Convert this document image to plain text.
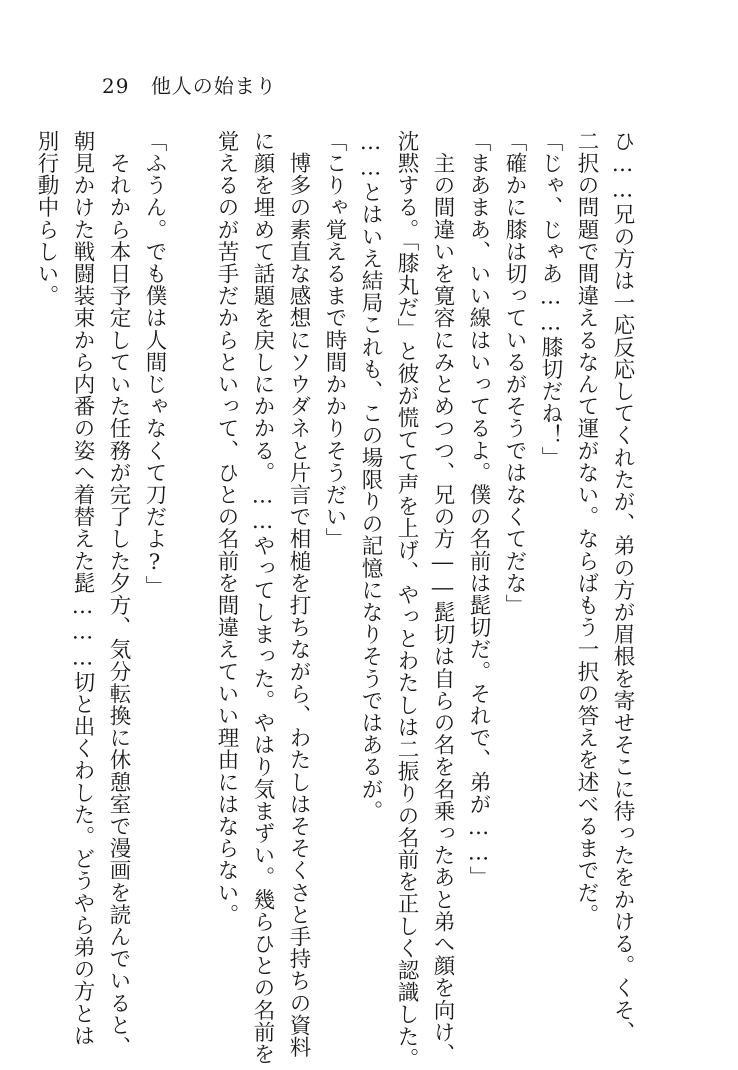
29 他人の始まり
ひ……兄の方は一応反応してくれたが、弟の方が眉根を寄せそこに待ったをかける。くそ、
二択の問題で間違えるなんて運がない。ならばもう一択の答えを述べるまでだ。
「じゃ、じゃあ……膝切だね！」
「確かに膝は切っているがそうではなくてだな」
「まあまあ、いい線はいってるよ。僕の名前は髭切だ。それで、弟が……」
　主の間違いを寛容にみとめつつ、兄の方――髭切は自らの名を名乗ったあと弟へ顔を向け、
沈黙する。「膝丸だ」と彼が慌てて声を上げ、やっとわたしは二振りの名前を正しく認識した。
……とはいえ結局これも、この場限りの記憶になりそうではあるが。
「こりゃ覚えるまで時間かかりそうだい」
　博多の素直な感想にソウダネと片言で相槌を打ちながら、わたしはそそくさと手持ちの資料
に顔を埋めて話題を戻しにかかる。……やってしまった。やはり気まずい。幾らひとの名前を
覚えるのが苦手だからといって、ひとの名前を間違えていい理由にはならない。
「ふうん。でも僕は人間じゃなくて刀だよ?」
　それから本日予定していた任務が完了した夕方、気分転換に休憩室で漫画を読んでいると、
朝見かけた戦闘装束から内番の姿へ着替えた髭………切と出くわした。どうやら弟の方とは
別行動中らしい。
